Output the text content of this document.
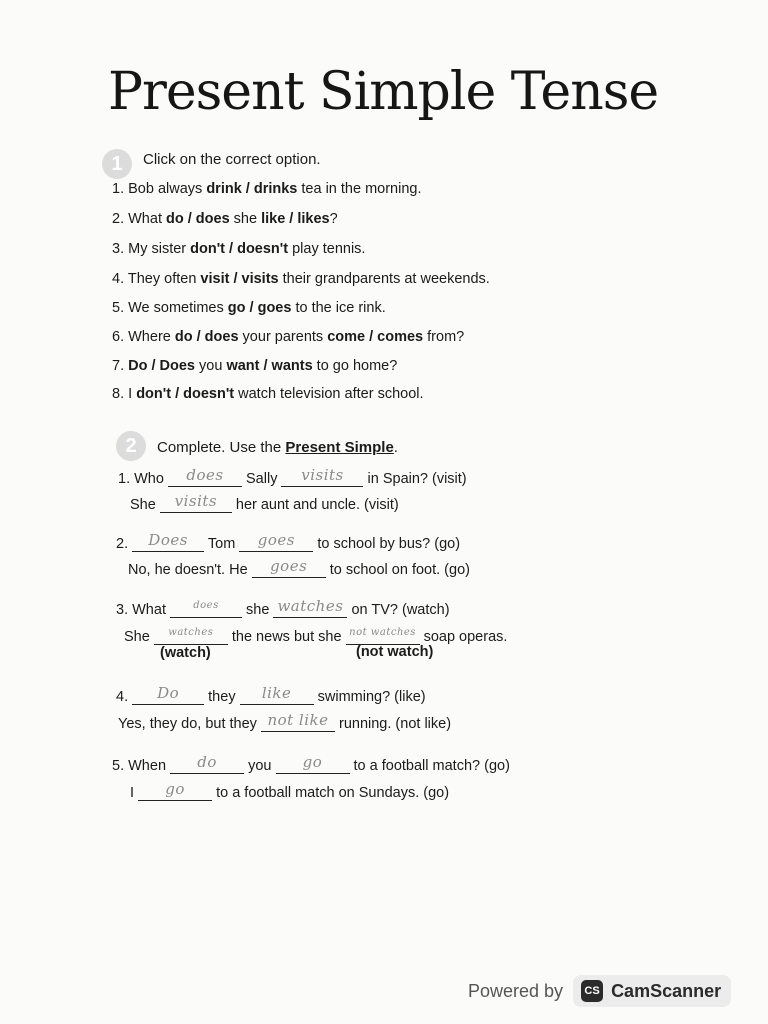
Present Simple Tense
1	Click on the correct option.
1. Bob always drink / drinks tea in the morning.
2. What do / does she like / likes?
3. My sister don't / doesn't play tennis.
4. They often visit / visits their grandparents at weekends.
5. We sometimes go / goes to the ice rink.
6. Where do / does your parents come / comes from?
7. Do / Does you want / wants to go home?
8. I don't / doesn't watch television after school.
2	Complete. Use the Present Simple.
1. Who does Sally visits in Spain? (visit)
She visits her aunt and uncle. (visit)
2. Does Tom goes to school by bus? (go)
No, he doesn't. He goes to school on foot. (go)
3. What	$^{does}$ she watches on TV? (watch)
She $^{watches}$ the news but she $^{not watches}$ soap operas.
(watch)	(not watch)
4. Do they like swimming? (like)
Yes, they do, but they not like running. (not like)
5. When do you go to a football match? (go)
I go to a football match on Sundays. (go)
Powered by	CS CamScanner
